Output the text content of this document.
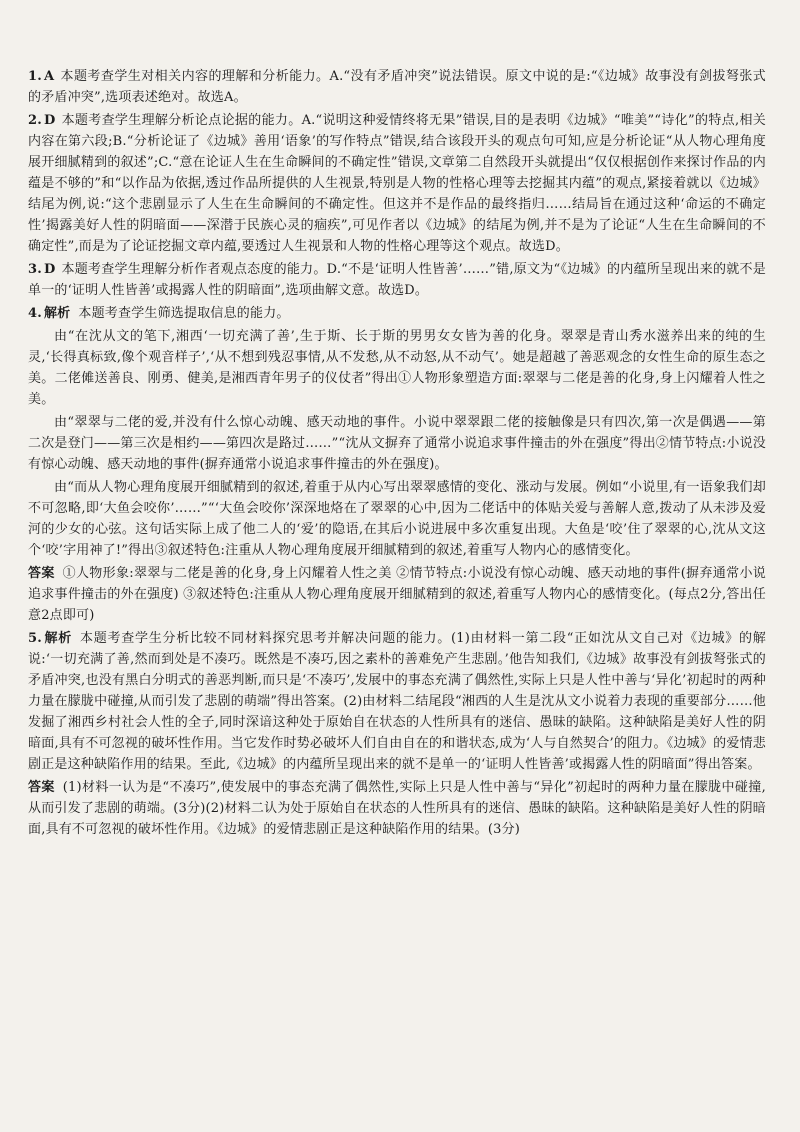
1. A 本题考查学生对相关内容的理解和分析能力。A.“没有矛盾冲突”说法错误。原文中说的是:“《边城》故事没有剑拔弩张式的矛盾冲突”,选项表述绝对。故选A。

2. D 本题考查学生理解分析论点论据的能力。A.“说明这种爱情终将无果”错误,目的是表明《边城》“唯美”“诗化”的特点,相关内容在第六段;B.“分析论证了《边城》善用‘语象’的写作特点”错误,结合该段开头的观点句可知,应是分析论证“从人物心理角度展开细腻精到的叙述”;C.“意在论证人生在生命瞬间的不确定性”错误,文章第二自然段开头就提出“仅仅根据创作来探讨作品的内蕴是不够的”和“以作品为依据,透过作品所提供的人生视景,特别是人物的性格心理等去挖掘其内蕴”的观点,紧接着就以《边城》结尾为例,说:“这个悲剧显示了人生在生命瞬间的不确定性。但这并不是作品的最终指归……结局旨在通过这种‘命运的不确定性’揭露美好人性的阴暗面——深潜于民族心灵的痼疾”,可见作者以《边城》的结尾为例,并不是为了论证“人生在生命瞬间的不确定性”,而是为了论证挖掘文章内蕴,要透过人生视景和人物的性格心理等这个观点。故选D。

3. D 本题考查学生理解分析作者观点态度的能力。D.“不是‘证明人性皆善’……”错,原文为“《边城》的内蕴所呈现出来的就不是单一的‘证明人性皆善’或揭露人性的阴暗面”,选项曲解文意。故选D。

4. 解析 本题考查学生筛选提取信息的能力。

由“在沈从文的笔下,湘西‘一切充满了善’,生于斯、长于斯的男男女女皆为善的化身。翠翠是青山秀水滋养出来的纯的生灵,‘长得真标致,像个观音样子’,‘从不想到残忍事情,从不发愁,从不动怒,从不动气’。她是超越了善恶观念的女性生命的原生态之美。二佬傩送善良、刚勇、健美,是湘西青年男子的仪仗者”得出①人物形象塑造方面:翠翠与二佬是善的化身,身上闪耀着人性之美。

由“翠翠与二佬的爱,并没有什么惊心动魄、感天动地的事件。小说中翠翠跟二佬的接触像是只有四次,第一次是偶遇——第二次是登门——第三次是相约——第四次是路过……”“沈从文摒弃了通常小说追求事件撞击的外在强度”得出②情节特点:小说没有惊心动魄、感天动地的事件(摒弃通常小说追求事件撞击的外在强度)。

由“而从人物心理角度展开细腻精到的叙述,着重于从内心写出翠翠感情的变化、涨动与发展。例如“小说里,有一语象我们却不可忽略,即‘大鱼会咬你’……”“‘大鱼会咬你’深深地烙在了翠翠的心中,因为二佬话中的体贴关爱与善解人意,拨动了从未涉及爱河的少女的心弦。这句话实际上成了他二人的‘爱’的隐语,在其后小说进展中多次重复出现。大鱼是‘咬’住了翠翠的心,沈从文这个‘咬’字用神了!”得出③叙述特色:注重从人物心理角度展开细腻精到的叙述,着重写人物内心的感情变化。

答案 ①人物形象:翠翠与二佬是善的化身,身上闪耀着人性之美 ②情节特点:小说没有惊心动魄、感天动地的事件(摒弃通常小说追求事件撞击的外在强度) ③叙述特色:注重从人物心理角度展开细腻精到的叙述,着重写人物内心的感情变化。(每点2分,答出任意2点即可)

5. 解析 本题考查学生分析比较不同材料探究思考并解决问题的能力。(1)由材料一第二段“正如沈从文自己对《边城》的解说:‘一切充满了善,然而到处是不凑巧。既然是不凑巧,因之素朴的善难免产生悲剧。’他告知我们,《边城》故事没有剑拔弩张式的矛盾冲突,也没有黑白分明式的善恶判断,而只是‘不凑巧’,发展中的事态充满了偶然性,实际上只是人性中善与‘异化’初起时的两种力量在朦胧中碰撞,从而引发了悲剧的萌端”得出答案。(2)由材料二结尾段“湘西的人生是沈从文小说着力表现的重要部分……他发掘了湘西乡村社会人性的全子,同时深谙这种处于原始自在状态的人性所具有的迷信、愚昧的缺陷。这种缺陷是美好人性的阴暗面,具有不可忽视的破坏性作用。当它发作时势必破坏人们自由自在的和谐状态,成为‘人与自然契合’的阻力。《边城》的爱情悲剧正是这种缺陷作用的结果。至此,《边城》的内蕴所呈现出来的就不是单一的‘证明人性皆善’或揭露人性的阴暗面”得出答案。

答案 (1)材料一认为是“不凑巧”,使发展中的事态充满了偶然性,实际上只是人性中善与“异化”初起时的两种力量在朦胧中碰撞,从而引发了悲剧的萌端。(3分)(2)材料二认为处于原始自在状态的人性所具有的迷信、愚昧的缺陷。这种缺陷是美好人性的阴暗面,具有不可忽视的破坏性作用。《边城》的爱情悲剧正是这种缺陷作用的结果。(3分)
